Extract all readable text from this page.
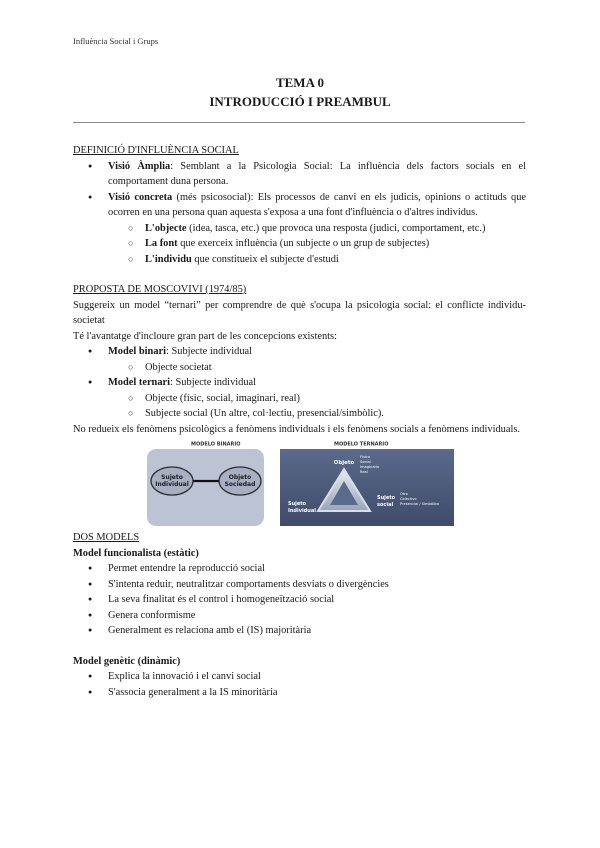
Influència Social i Grups
TEMA 0
INTRODUCCIÓ I PREAMBUL

DEFINICIÓ D'INFLUÈNCIA SOCIAL

● Visió Àmplia: Semblant a la Psicologia Social: La influència dels factors socials en el comportament duna persona.
● Visió concreta (més psicosocial): Els processos de canvi en els judicis, opinions o actituds que ocorren en una persona quan aquesta s'exposa a una font d'influència o d'altres individus.
○ L'objecte (idea, tasca, etc.) que provoca una resposta (judici, comportament, etc.)
○ La font que exerceix influència (un subjecte o un grup de subjectes)
○ L'individu que constitueix el subjecte d'estudi

PROPOSTA DE MOSCOVIVI (1974/85)

Suggereix un model “ternari” per comprendre de què s'ocupa la psicologia social: el conflicte individu-societat

Té l'avantatge d'incloure gran part de les concepcions existents:

● Model binari: Subjecte individual
○ Objecte societat
● Model ternari: Subjecte individual
○ Objecte (físic, social, imaginari, real)
○ Subjecte social (Un altre, col·lectiu, presencial/simbòlic).

No redueix els fenòmens psicològics a fenòmens individuals i els fenòmens socials a fenòmens individuals.

MODELO BINARIO
Sujeto
Individual
Objeto
Sociedad
MODELO TERNARIO
Objeto
Físico
Social
Imaginario
Real
Sujeto
Individual
Sujeto
social
Otro
Colectivo
Presencial / Simbólico

DOS MODELS

Model funcionalista (estàtic)

● Permet entendre la reproducció social
● S'intenta reduir, neutralitzar comportaments desviats o divergències
● La seva finalitat és el control i homogeneïtzació social
● Genera conformisme
● Generalment es relaciona amb el (IS) majoritària

Model genètic (dinàmic)

● Explica la innovació i el canvi social
● S'associa generalment a la IS minoritària
